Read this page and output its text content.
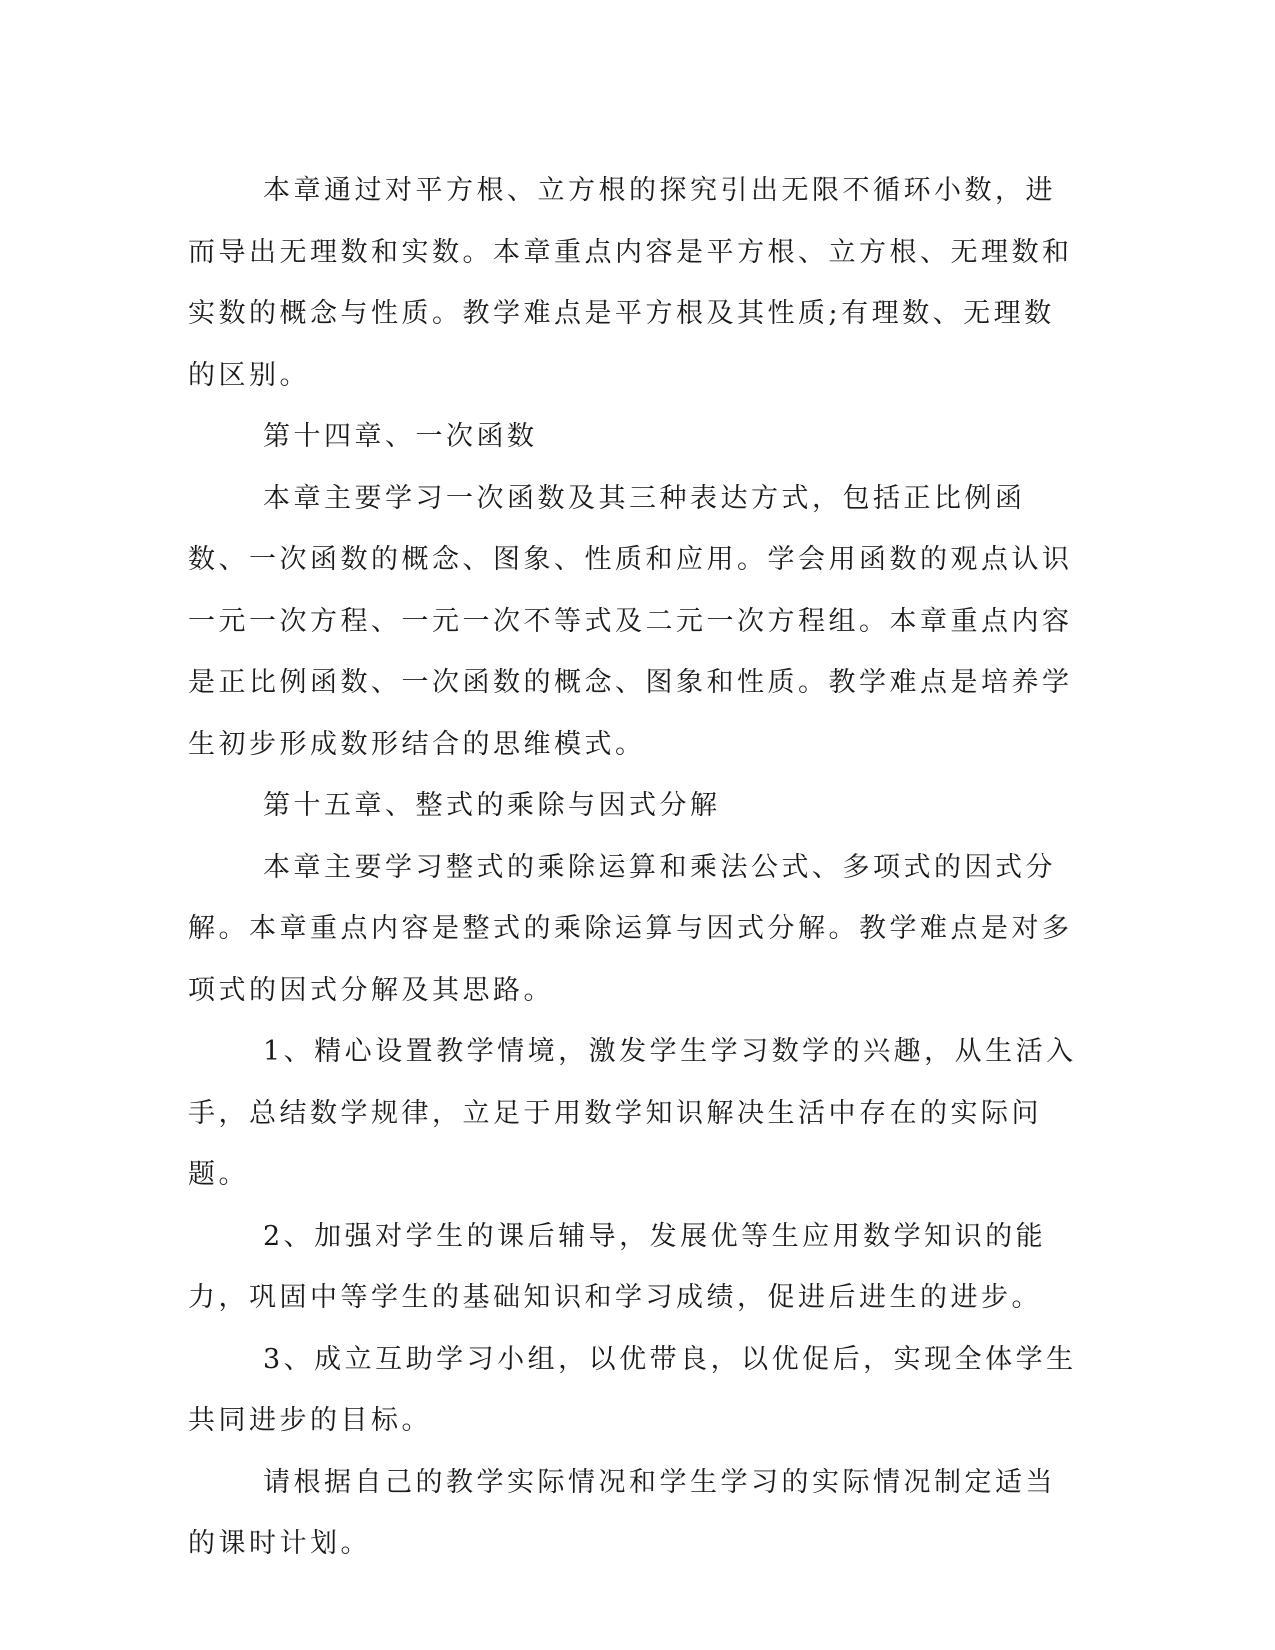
本章通过对平方根、立方根的探究引出无限不循环小数，进而导出无理数和实数。本章重点内容是平方根、立方根、无理数和实数的概念与性质。教学难点是平方根及其性质;有理数、无理数的区别。

第十四章、一次函数

本章主要学习一次函数及其三种表达方式，包括正比例函数、一次函数的概念、图象、性质和应用。学会用函数的观点认识一元一次方程、一元一次不等式及二元一次方程组。本章重点内容是正比例函数、一次函数的概念、图象和性质。教学难点是培养学生初步形成数形结合的思维模式。

第十五章、整式的乘除与因式分解

本章主要学习整式的乘除运算和乘法公式、多项式的因式分解。本章重点内容是整式的乘除运算与因式分解。教学难点是对多项式的因式分解及其思路。

1、精心设置教学情境，激发学生学习数学的兴趣，从生活入手，总结数学规律，立足于用数学知识解决生活中存在的实际问题。

2、加强对学生的课后辅导，发展优等生应用数学知识的能力，巩固中等学生的基础知识和学习成绩，促进后进生的进步。

3、成立互助学习小组，以优带良，以优促后，实现全体学生共同进步的目标。

请根据自己的教学实际情况和学生学习的实际情况制定适当的课时计划。
